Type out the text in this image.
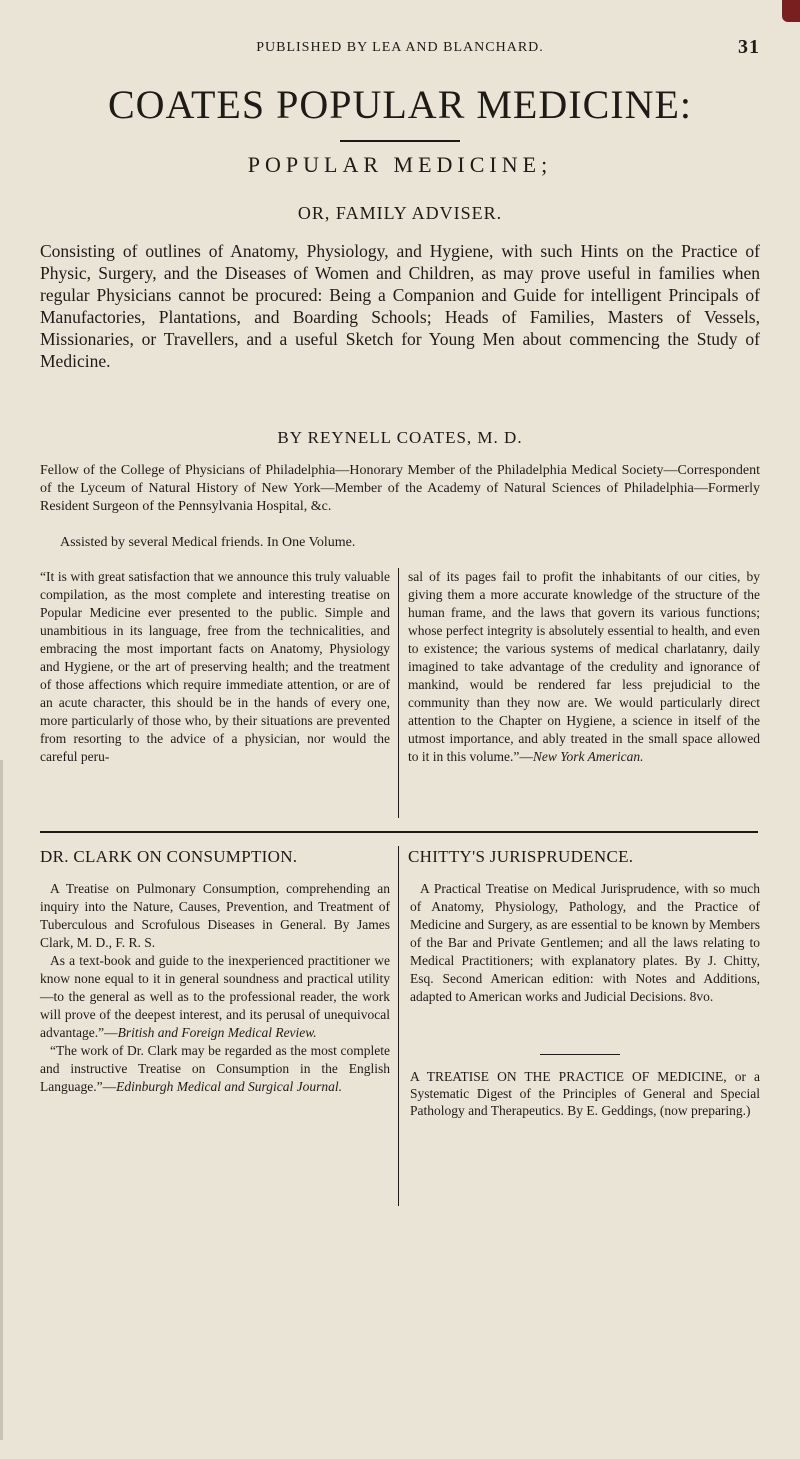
PUBLISHED BY LEA AND BLANCHARD.	31
COATES POPULAR MEDICINE:
POPULAR MEDICINE;
OR, FAMILY ADVISER.
Consisting of outlines of Anatomy, Physiology, and Hygiene, with such Hints on the Practice of Physic, Surgery, and the Diseases of Women and Children, as may prove useful in families when regular Physicians cannot be procured: Being a Companion and Guide for intelligent Principals of Manufactories, Plantations, and Boarding Schools; Heads of Families, Masters of Vessels, Missionaries, or Travellers, and a useful Sketch for Young Men about commencing the Study of Medicine.
BY REYNELL COATES, M. D.
Fellow of the College of Physicians of Philadelphia—Honorary Member of the Philadelphia Medical Society—Correspondent of the Lyceum of Natural History of New York—Member of the Academy of Natural Sciences of Philadelphia—Formerly Resident Surgeon of the Pennsylvania Hospital, &c.
Assisted by several Medical friends. In One Volume.
“It is with great satisfaction that we announce this truly valuable compilation, as the most complete and interesting treatise on Popular Medicine ever presented to the public. Simple and unambitious in its language, free from the technicalities, and embracing the most important facts on Anatomy, Physiology and Hygiene, or the art of preserving health; and the treatment of those affections which require immediate attention, or are of an acute character, this should be in the hands of every one, more particularly of those who, by their situations are prevented from resorting to the advice of a physician, nor would the careful peru-
sal of its pages fail to profit the inhabitants of our cities, by giving them a more accurate knowledge of the structure of the human frame, and the laws that govern its various functions; whose perfect integrity is absolutely essential to health, and even to existence; the various systems of medical charlatanry, daily imagined to take advantage of the credulity and ignorance of mankind, would be rendered far less prejudicial to the community than they now are. We would particularly direct attention to the Chapter on Hygiene, a science in itself of the utmost importance, and ably treated in the small space allowed to it in this volume.”—New York American.
DR. CLARK ON CONSUMPTION.
A Treatise on Pulmonary Consumption, comprehending an inquiry into the Nature, Causes, Prevention, and Treatment of Tuberculous and Scrofulous Diseases in General. By James Clark, M. D., F. R. S.
As a text-book and guide to the inexperienced practitioner we know none equal to it in general soundness and practical utility—to the general as well as to the professional reader, the work will prove of the deepest interest, and its perusal of unequivocal advantage.”—British and Foreign Medical Review.
“The work of Dr. Clark may be regarded as the most complete and instructive Treatise on Consumption in the English Language.”—Edinburgh Medical and Surgical Journal.
CHITTY'S JURISPRUDENCE.
A Practical Treatise on Medical Jurisprudence, with so much of Anatomy, Physiology, Pathology, and the Practice of Medicine and Surgery, as are essential to be known by Members of the Bar and Private Gentlemen; and all the laws relating to Medical Practitioners; with explanatory plates. By J. Chitty, Esq. Second American edition: with Notes and Additions, adapted to American works and Judicial Decisions. 8vo.
A TREATISE ON THE PRACTICE OF MEDICINE, or a Systematic Digest of the Principles of General and Special Pathology and Therapeutics. By E. Geddings, (now preparing.)
